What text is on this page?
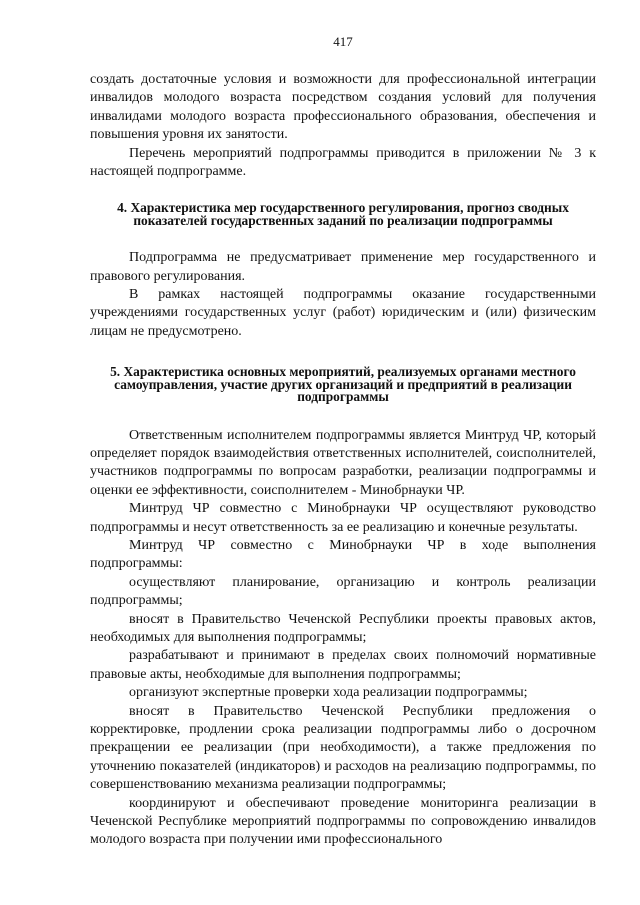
417

создать достаточные условия и возможности для профессиональной интеграции инвалидов молодого возраста посредством создания условий для получения инвалидами молодого возраста профессионального образования, обеспечения и повышения уровня их занятости.

Перечень мероприятий подпрограммы приводится в приложении № 3 к настоящей подпрограмме.

4. Характеристика мер государственного регулирования, прогноз сводных показателей государственных заданий по реализации подпрограммы

Подпрограмма не предусматривает применение мер государственного и правового регулирования.

В рамках настоящей подпрограммы оказание государственными учреждениями государственных услуг (работ) юридическим и (или) физическим лицам не предусмотрено.

5. Характеристика основных мероприятий, реализуемых органами местного самоуправления, участие других организаций и предприятий в реализации подпрограммы

Ответственным исполнителем подпрограммы является Минтруд ЧР, который определяет порядок взаимодействия ответственных исполнителей, соисполнителей, участников подпрограммы по вопросам разработки, реализации подпрограммы и оценки ее эффективности, соисполнителем - Минобрнауки ЧР.

Минтруд ЧР совместно с Минобрнауки ЧР осуществляют руководство подпрограммы и несут ответственность за ее реализацию и конечные результаты.

Минтруд ЧР совместно с Минобрнауки ЧР в ходе выполнения подпрограммы:

осуществляют планирование, организацию и контроль реализации подпрограммы;

вносят в Правительство Чеченской Республики проекты правовых актов, необходимых для выполнения подпрограммы;

разрабатывают и принимают в пределах своих полномочий нормативные правовые акты, необходимые для выполнения подпрограммы;

организуют экспертные проверки хода реализации подпрограммы;

вносят в Правительство Чеченской Республики предложения о корректировке, продлении срока реализации подпрограммы либо о досрочном прекращении ее реализации (при необходимости), а также предложения по уточнению показателей (индикаторов) и расходов на реализацию подпрограммы, по совершенствованию механизма реализации подпрограммы;

координируют и обеспечивают проведение мониторинга реализации в Чеченской Республике мероприятий подпрограммы по сопровождению инвалидов молодого возраста при получении ими профессионального
